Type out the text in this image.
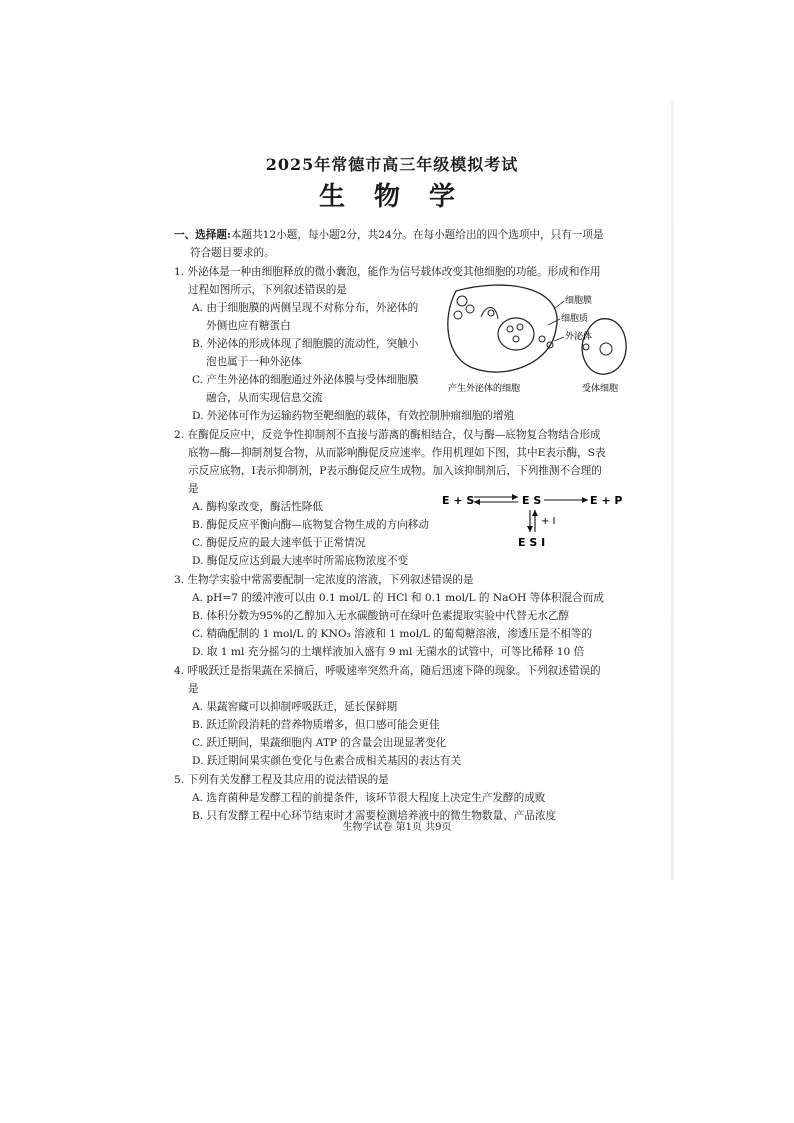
2025年常德市高三年级模拟考试
生 物 学
一、选择题:本题共12小题，每小题2分，共24分。在每小题给出的四个选项中，只有一项是符合题目要求的。
1. 外泌体是一种由细胞释放的微小囊泡，能作为信号载体改变其他细胞的功能。形成和作用过程如图所示，下列叙述错误的是
A. 由于细胞膜的两侧呈现不对称分布，外泌体的外侧也应有糖蛋白
B. 外泌体的形成体现了细胞膜的流动性，突触小泡也属于一种外泌体
C. 产生外泌体的细胞通过外泌体膜与受体细胞膜融合，从而实现信息交流
细胞膜
细胞质
外泌体
产生外泌体的细胞	受体细胞
D. 外泌体可作为运输药物至靶细胞的载体，有效控制肿瘤细胞的增殖
2. 在酶促反应中，反竞争性抑制剂不直接与游离的酶相结合，仅与酶—底物复合物结合形成底物—酶—抑制剂复合物，从而影响酶促反应速率。作用机理如下图，其中E表示酶，S表示反应底物，I表示抑制剂，P表示酶促反应生成物。加入该抑制剂后，下列推测不合理的是
A. 酶构象改变，酶活性降低
B. 酶促反应平衡向酶—底物复合物生成的方向移动
C. 酶促反应的最大速率低于正常情况
D. 酶促反应达到最大速率时所需底物浓度不变
E + S	E S	E + P
+ I
E S I
3. 生物学实验中常需要配制一定浓度的溶液，下列叙述错误的是
A. pH=7 的缓冲液可以由 0.1 mol/L 的 HCl 和 0.1 mol/L 的 NaOH 等体积混合而成
B. 体积分数为95%的乙醇加入无水碳酸钠可在绿叶色素提取实验中代替无水乙醇
C. 精确配制的 1 mol/L 的 KNO₃ 溶液和 1 mol/L 的葡萄糖溶液，渗透压是不相等的
D. 取 1 ml 充分摇匀的土壤样液加入盛有 9 ml 无菌水的试管中，可等比稀释 10 倍
4. 呼吸跃迁是指果蔬在采摘后，呼吸速率突然升高，随后迅速下降的现象。下列叙述错误的是
A. 果蔬窖藏可以抑制呼吸跃迁，延长保鲜期
B. 跃迁阶段消耗的营养物质增多，但口感可能会更佳
C. 跃迁期间，果蔬细胞内 ATP 的含量会出现显著变化
D. 跃迁期间果实颜色变化与色素合成相关基因的表达有关
5. 下列有关发酵工程及其应用的说法错误的是
A. 选育菌种是发酵工程的前提条件，该环节很大程度上决定生产发酵的成败
B. 只有发酵工程中心环节结束时才需要检测培养液中的微生物数量、产品浓度
生物学试卷 第1页 共9页
